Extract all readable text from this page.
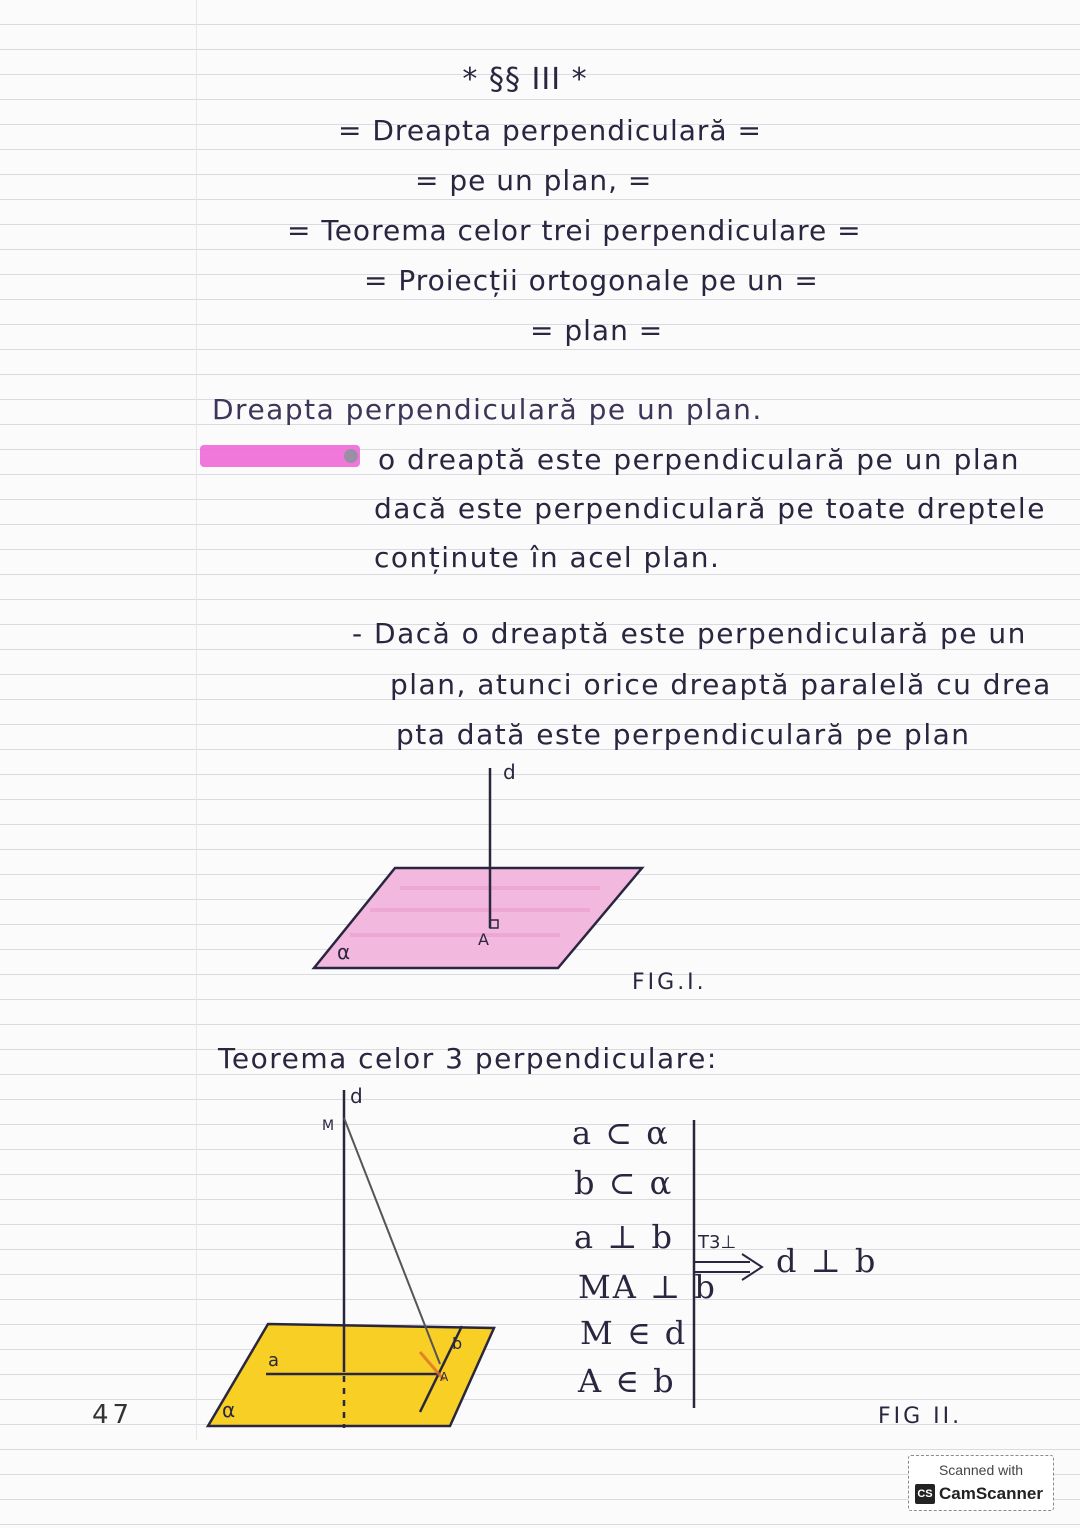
* §§ III *
= Dreapta perpendiculară =
= pe un plan, =
= Teorema celor trei perpendiculare =
= Proiecții ortogonale pe un =
= plan =
Dreapta perpendiculară pe un plan.
o dreaptă este perpendiculară pe un plan
dacă este perpendiculară pe toate dreptele
conținute în acel plan.
- Dacă o dreaptă este perpendiculară pe un
plan, atunci orice dreaptă paralelă cu drea
pta dată este perpendiculară pe plan
d
A
α
FIG.I.
Teorema celor 3 perpendiculare:
d
M
a
b
A
α
a ⊂ α
b ⊂ α
a ⊥ b
MA ⊥ b
M ∈ d
A ∈ b
T3⊥ d ⊥ b
FIG II.
47
Scanned with
CS CamScanner
